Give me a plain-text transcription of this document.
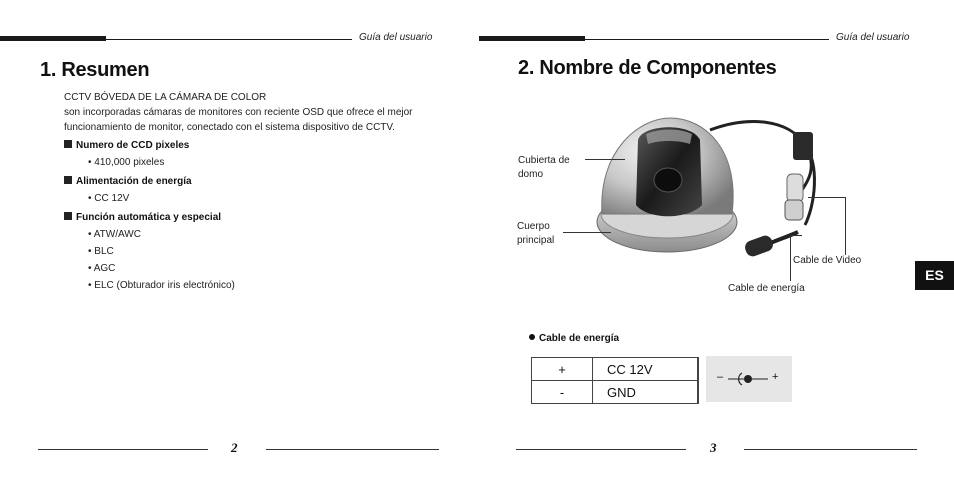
Guía del usuario
1. Resumen
CCTV BÓVEDA DE LA CÁMARA DE COLOR
son incorporadas cámaras de monitores con reciente OSD que ofrece el mejor
funcionamiento de monitor, conectado con el sistema dispositivo de CCTV.
Numero de CCD pixeles
• 410,000 pixeles
Alimentación de energía
• CC 12V
Función automática y especial
• ATW/AWC
• BLC
• AGC
• ELC (Obturador iris electrónico)
2
Guía del usuario
2. Nombre de Componentes
Cubierta de
domo
Cuerpo
principal
Cable de Video
Cable de energía
ES
Cable de energía
+	CC 12V
-	GND
–	+
3
